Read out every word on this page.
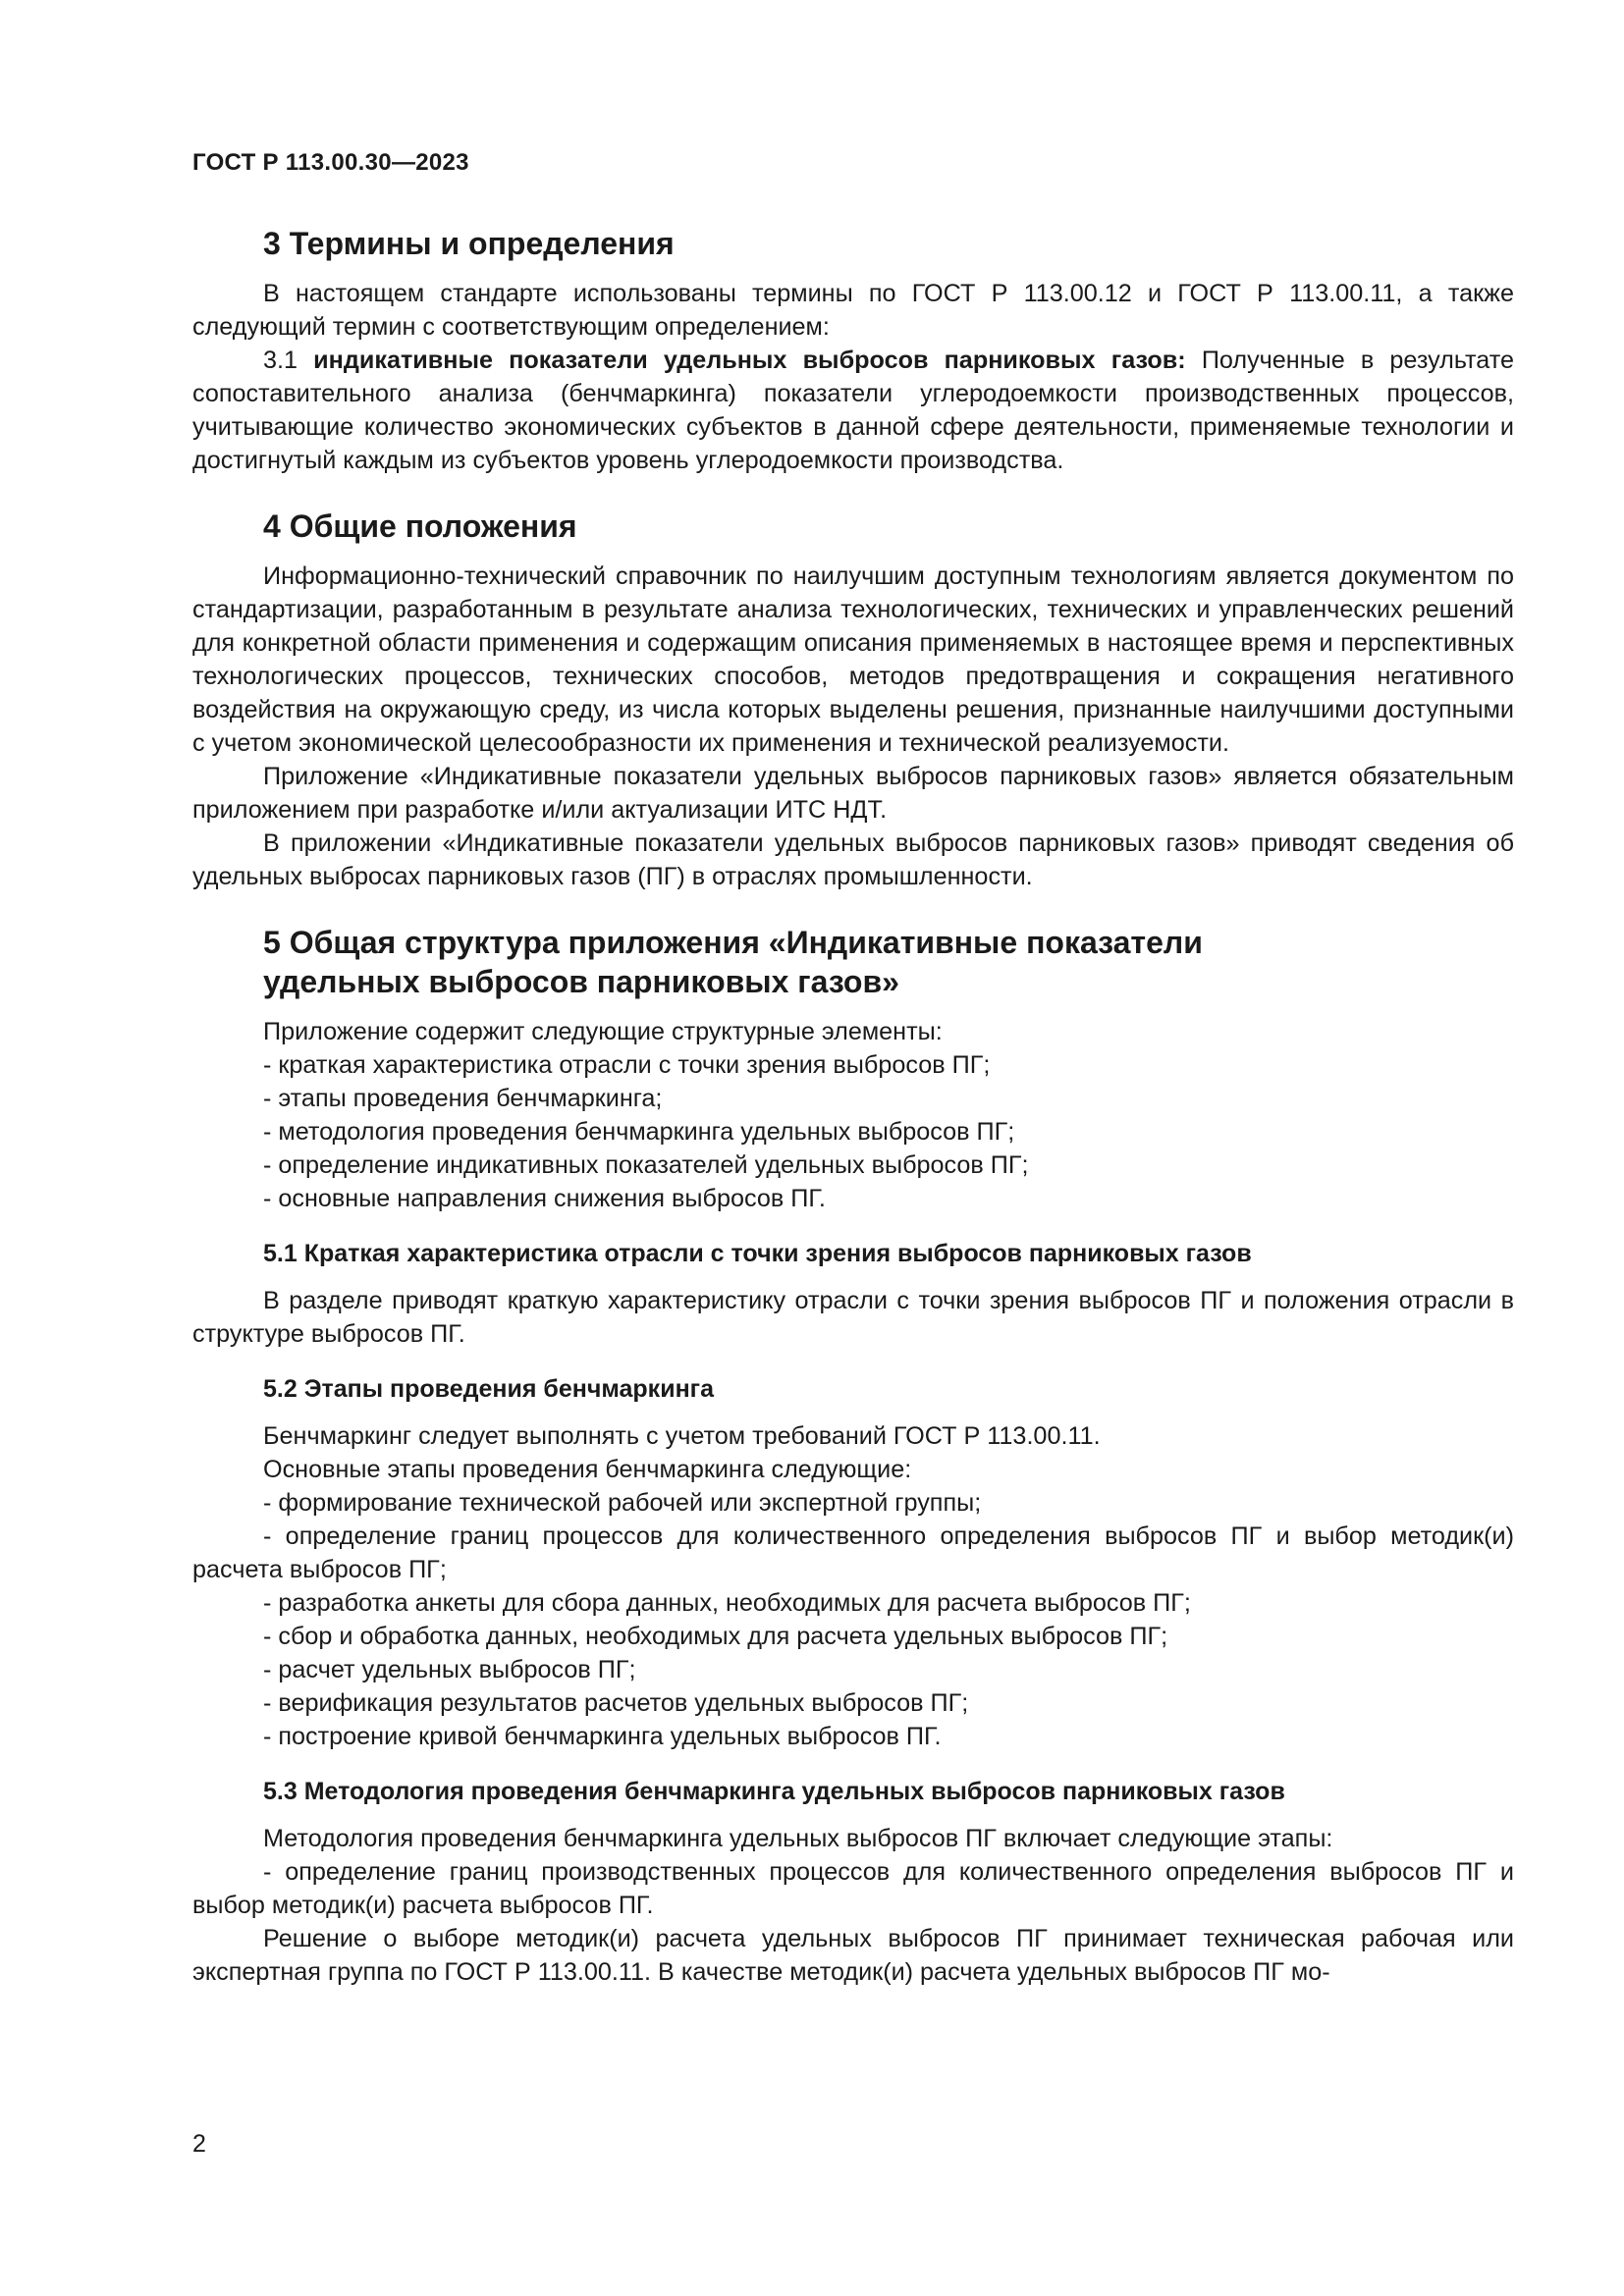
ГОСТ Р 113.00.30—2023
3 Термины и определения

В настоящем стандарте использованы термины по ГОСТ Р 113.00.12 и ГОСТ Р 113.00.11, а также следующий термин с соответствующим определением:

3.1 индикативные показатели удельных выбросов парниковых газов: Полученные в результате сопоставительного анализа (бенчмаркинга) показатели углеродоемкости производственных процессов, учитывающие количество экономических субъектов в данной сфере деятельности, применяемые технологии и достигнутый каждым из субъектов уровень углеродоемкости производства.

4 Общие положения

Информационно-технический справочник по наилучшим доступным технологиям является документом по стандартизации, разработанным в результате анализа технологических, технических и управленческих решений для конкретной области применения и содержащим описания применяемых в настоящее время и перспективных технологических процессов, технических способов, методов предотвращения и сокращения негативного воздействия на окружающую среду, из числа которых выделены решения, признанные наилучшими доступными с учетом экономической целесообразности их применения и технической реализуемости.

Приложение «Индикативные показатели удельных выбросов парниковых газов» является обязательным приложением при разработке и/или актуализации ИТС НДТ.

В приложении «Индикативные показатели удельных выбросов парниковых газов» приводят сведения об удельных выбросах парниковых газов (ПГ) в отраслях промышленности.

5 Общая структура приложения «Индикативные показатели
удельных выбросов парниковых газов»

Приложение содержит следующие структурные элементы:

- краткая характеристика отрасли с точки зрения выбросов ПГ;
- этапы проведения бенчмаркинга;
- методология проведения бенчмаркинга удельных выбросов ПГ;
- определение индикативных показателей удельных выбросов ПГ;
- основные направления снижения выбросов ПГ.
5.1 Краткая характеристика отрасли с точки зрения выбросов парниковых газов

В разделе приводят краткую характеристику отрасли с точки зрения выбросов ПГ и положения отрасли в структуре выбросов ПГ.

5.2 Этапы проведения бенчмаркинга

Бенчмаркинг следует выполнять с учетом требований ГОСТ Р 113.00.11.

Основные этапы проведения бенчмаркинга следующие:

- формирование технической рабочей или экспертной группы;

- определение границ процессов для количественного определения выбросов ПГ и выбор методик(и) расчета выбросов ПГ;

- разработка анкеты для сбора данных, необходимых для расчета выбросов ПГ;
- сбор и обработка данных, необходимых для расчета удельных выбросов ПГ;
- расчет удельных выбросов ПГ;
- верификация результатов расчетов удельных выбросов ПГ;
- построение кривой бенчмаркинга удельных выбросов ПГ.
5.3 Методология проведения бенчмаркинга удельных выбросов парниковых газов

Методология проведения бенчмаркинга удельных выбросов ПГ включает следующие этапы:

- определение границ производственных процессов для количественного определения выбросов ПГ и выбор методик(и) расчета выбросов ПГ.

Решение о выборе методик(и) расчета удельных выбросов ПГ принимает техническая рабочая или экспертная группа по ГОСТ Р 113.00.11. В качестве методик(и) расчета удельных выбросов ПГ мо-

2
